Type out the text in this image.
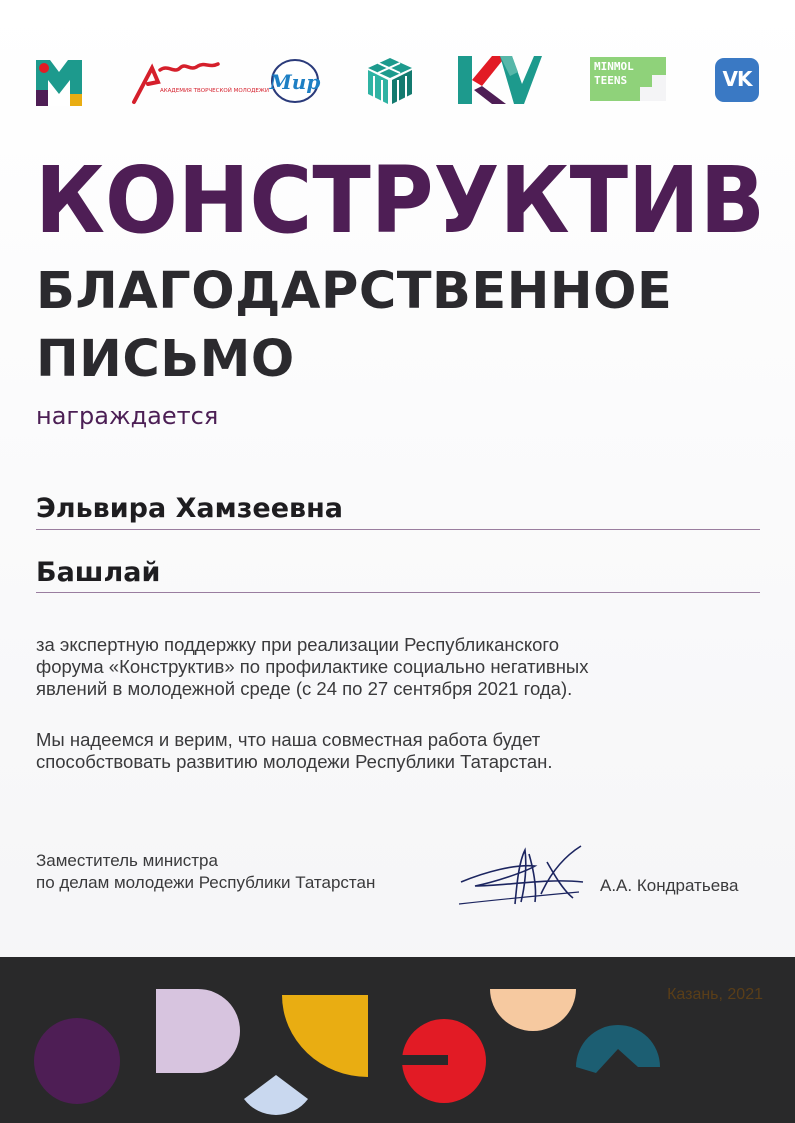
АКАДЕМИЯ ТВОРЧЕСКОЙ МОЛОДЕЖИ Мир
MINMOL
TEENS	VK
КОНСТРУКТИВ
БЛАГОДАРСТВЕННОЕ
ПИСЬМО
награждается
Эльвира Хамзеевна
Башлай

за экспертную поддержку при реализации Республиканского

форума «Конструктив» по профилактике социально негативных

явлений в молодежной среде (с 24 по 27 сентября 2021 года).

Мы надеемся и верим, что наша совместная работа будет

способствовать развитию молодежи Республики Татарстан.

Заместитель министра
по делам молодежи Республики Татарстан	А.А. Кондратьева
Казань, 2021
